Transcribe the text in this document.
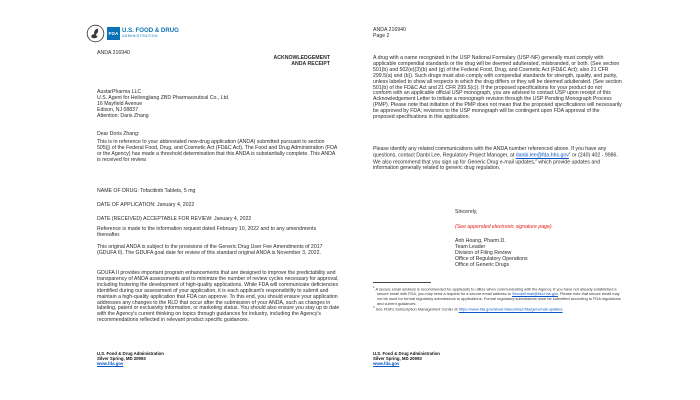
FDA U.S. FOOD & DRUG
ADMINISTRATION
ANDA 216940
ACKNOWLEDGEMENT
ANDA RECEIPT
AustarPharma LLC
U.S. Agent for Heilongjiang ZBD Pharmaceutical Co., Ltd.
16 Mayfield Avenue
Edison, NJ 08837
Attention: Daris Zhang
Dear Doris Zhang:

This is in reference to your abbreviated new-drug application (ANDA) submitted pursuant to section 505(j) of the Federal Food, Drug, and Cosmetic Act (FD&C Act). The Food and Drug Administration (FDA or the Agency) has made a threshold determination that this ANDA is substantially complete. This ANDA is received for review.

NAME OF DRUG: Tofacitinib Tablets, 5 mg
DATE OF APPLICATION: January 4, 2022
DATE (RECEIVED) ACCEPTABLE FOR REVIEW: January 4, 2022

Reference is made to the information request dated February 10, 2022 and to any amendments thereafter.

This original ANDA is subject to the provisions of the Generic Drug User Fee Amendments of 2017 (GDUFA II). The GDUFA goal date for review of this standard original ANDA is November 3, 2022.

GDUFA II provides important program enhancements that are designed to improve the predictability and transparency of ANDA assessments and to minimize the number of review cycles necessary for approval, including fostering the development of high-quality applications. While FDA will communicate deficiencies identified during our assessment of your application, it is each applicant's responsibility to submit and maintain a high-quality application that FDA can approve. To this end, you should ensure your application addresses any changes to the RLD that occur after the submission of your ANDA, such as changes in labeling, patent or exclusivity information, or marketing status. You should also ensure you stay up to date with the Agency's current thinking on topics through guidances for industry, including the Agency's recommendations reflected in relevant product specific guidances.

U.S. Food & Drug Administration
Silver Spring, MD 20993
www.fda.gov
ANDA 216940
Page 2

A drug with a name recognized in the USP National Formulary (USP-NF) generally must comply with applicable compendial standards or the drug will be deemed adulterated, misbranded, or both. (See section 501(b) and 502(e)(3)(b) and (g) of the Federal Food, Drug, and Cosmetic Act (FD&C Act); also 21 CFR 299.5(a) and (b)). Such drugs must also comply with compendial standards for strength, quality, and purity, unless labeled to show all respects in which the drug differs or they will be deemed adulterated. (See section 501(b) of the FD&C Act and 21 CFR 299.5(c)). If the proposed specifications for your product do not conform with an applicable official USP monograph, you are advised to contact USP upon receipt of this Acknowledgement Letter to initiate a monograph revision through the USP Pending Monograph Process (PMP). Please note that initiation of the PMP does not mean that the proposed specifications will necessarily be approved by FDA; revisions to the USP monograph will be contingent upon FDA approval of the proposed specifications in this application.

Please identify any related communications with the ANDA number referenced above. If you have any questions, contact Danbi Lee, Regulatory Project Manager, at danbi.lee@fda.hhs.gov$^1$ or (240) 402 - 9986. We also recommend that you sign up for Generic Drug e-mail updates,$^2$ which provide updates and information generally related to generic drug regulation.

Sincerely,
(See appended electronic signature page)
Anh Hoang, Pharm.D.
Team Leader
Division of Filing Review
Office of Regulatory Operations
Office of Generic Drugs
$^1$ A secure email address is recommended for applicants to utilize when communicating with the Agency. If you have not already established a secure email with FDA, you may send a request for a secure email address to SecureEmail@fda.hhs.gov. Please note that secure email may not be used for formal regulatory submissions to applications. Formal regulatory submissions must be submitted according to FDA regulations and current guidances.
$^2$ See FDA's Subscription Management Center at https://www.fda.gov/about-fda/contact-fda/get-email-updates.
U.S. Food & Drug Administration
Silver Spring, MD 20993
www.fda.gov
